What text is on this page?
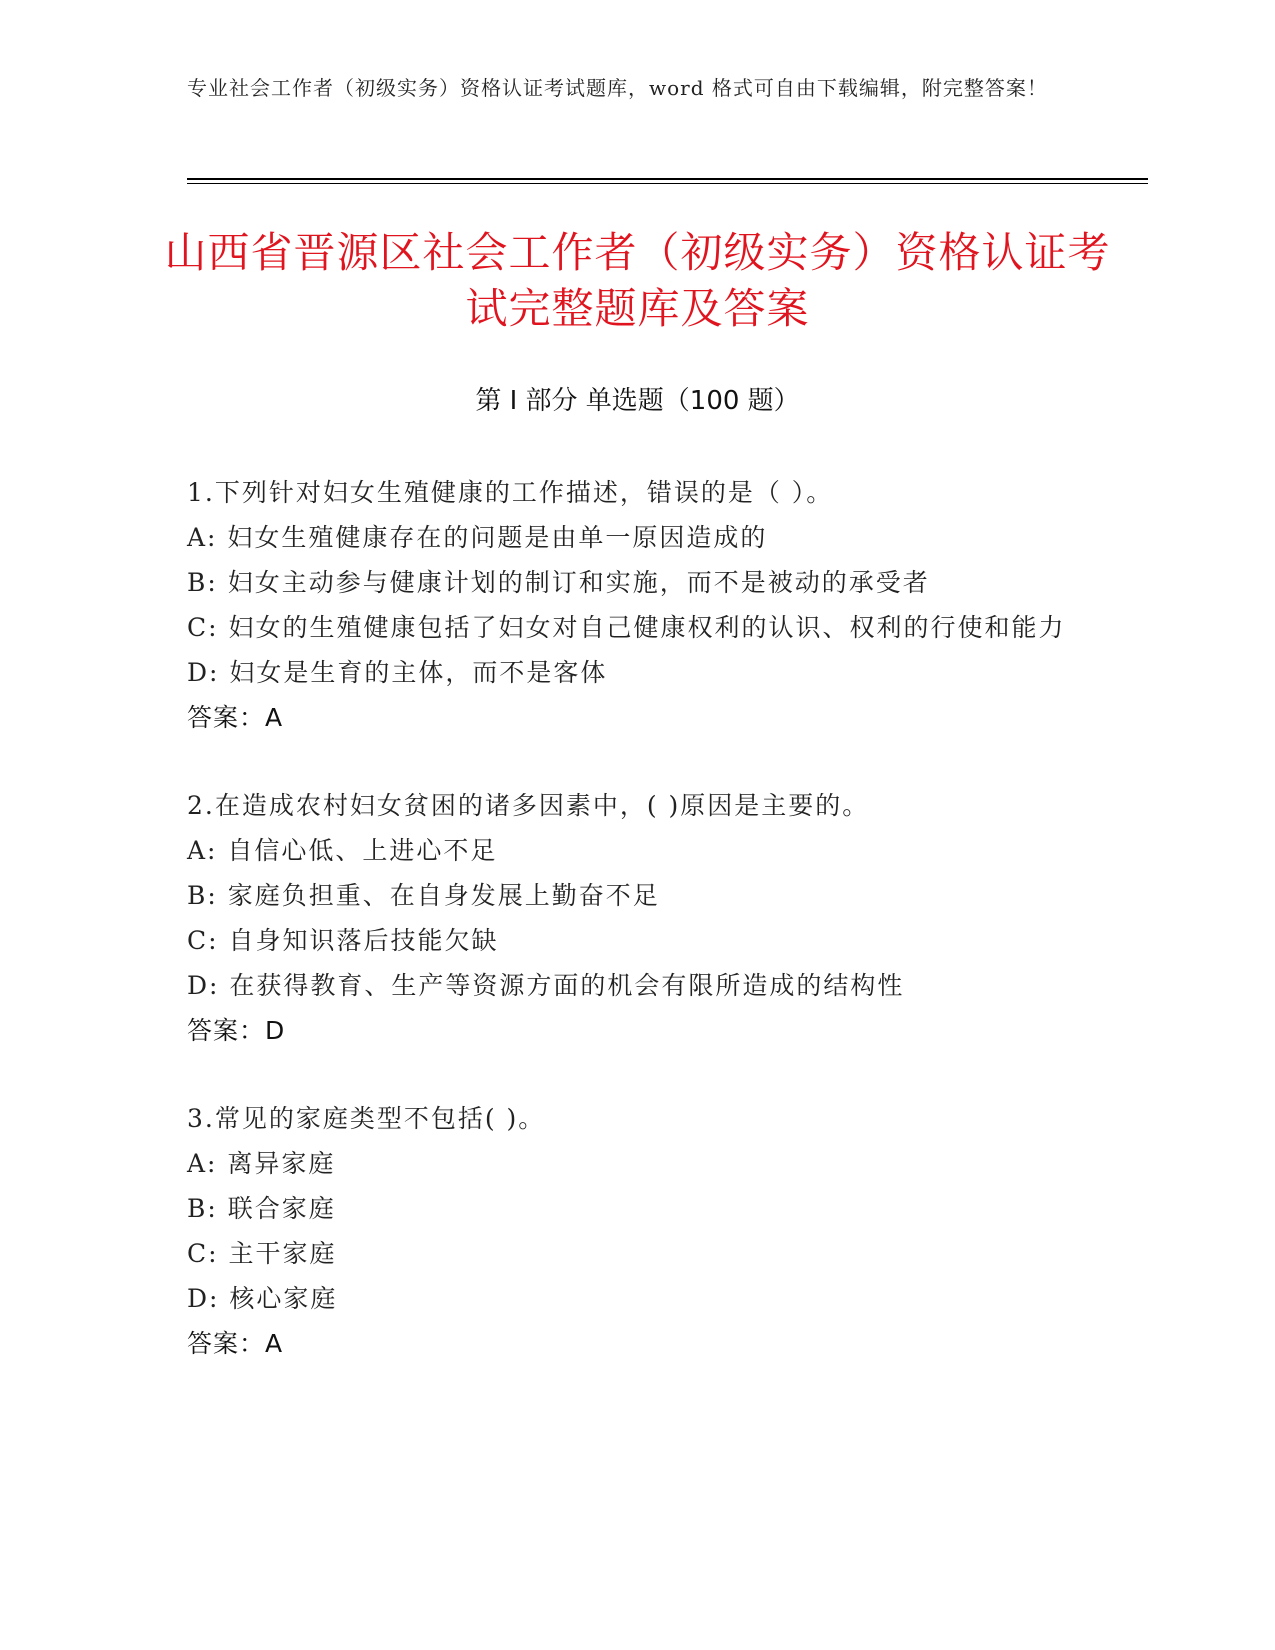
专业社会工作者（初级实务）资格认证考试题库，word 格式可自由下载编辑，附完整答案！
山西省晋源区社会工作者（初级实务）资格认证考试完整题库及答案
第 I 部分 单选题（100 题）
1.下列针对妇女生殖健康的工作描述，错误的是（ ）。
A: 妇女生殖健康存在的问题是由单一原因造成的
B: 妇女主动参与健康计划的制订和实施，而不是被动的承受者
C: 妇女的生殖健康包括了妇女对自己健康权利的认识、权利的行使和能力
D: 妇女是生育的主体，而不是客体
答案：A
2.在造成农村妇女贫困的诸多因素中，( )原因是主要的。
A: 自信心低、上进心不足
B: 家庭负担重、在自身发展上勤奋不足
C: 自身知识落后技能欠缺
D: 在获得教育、生产等资源方面的机会有限所造成的结构性
答案：D
3.常见的家庭类型不包括( )。
A: 离异家庭
B: 联合家庭
C: 主干家庭
D: 核心家庭
答案：A
